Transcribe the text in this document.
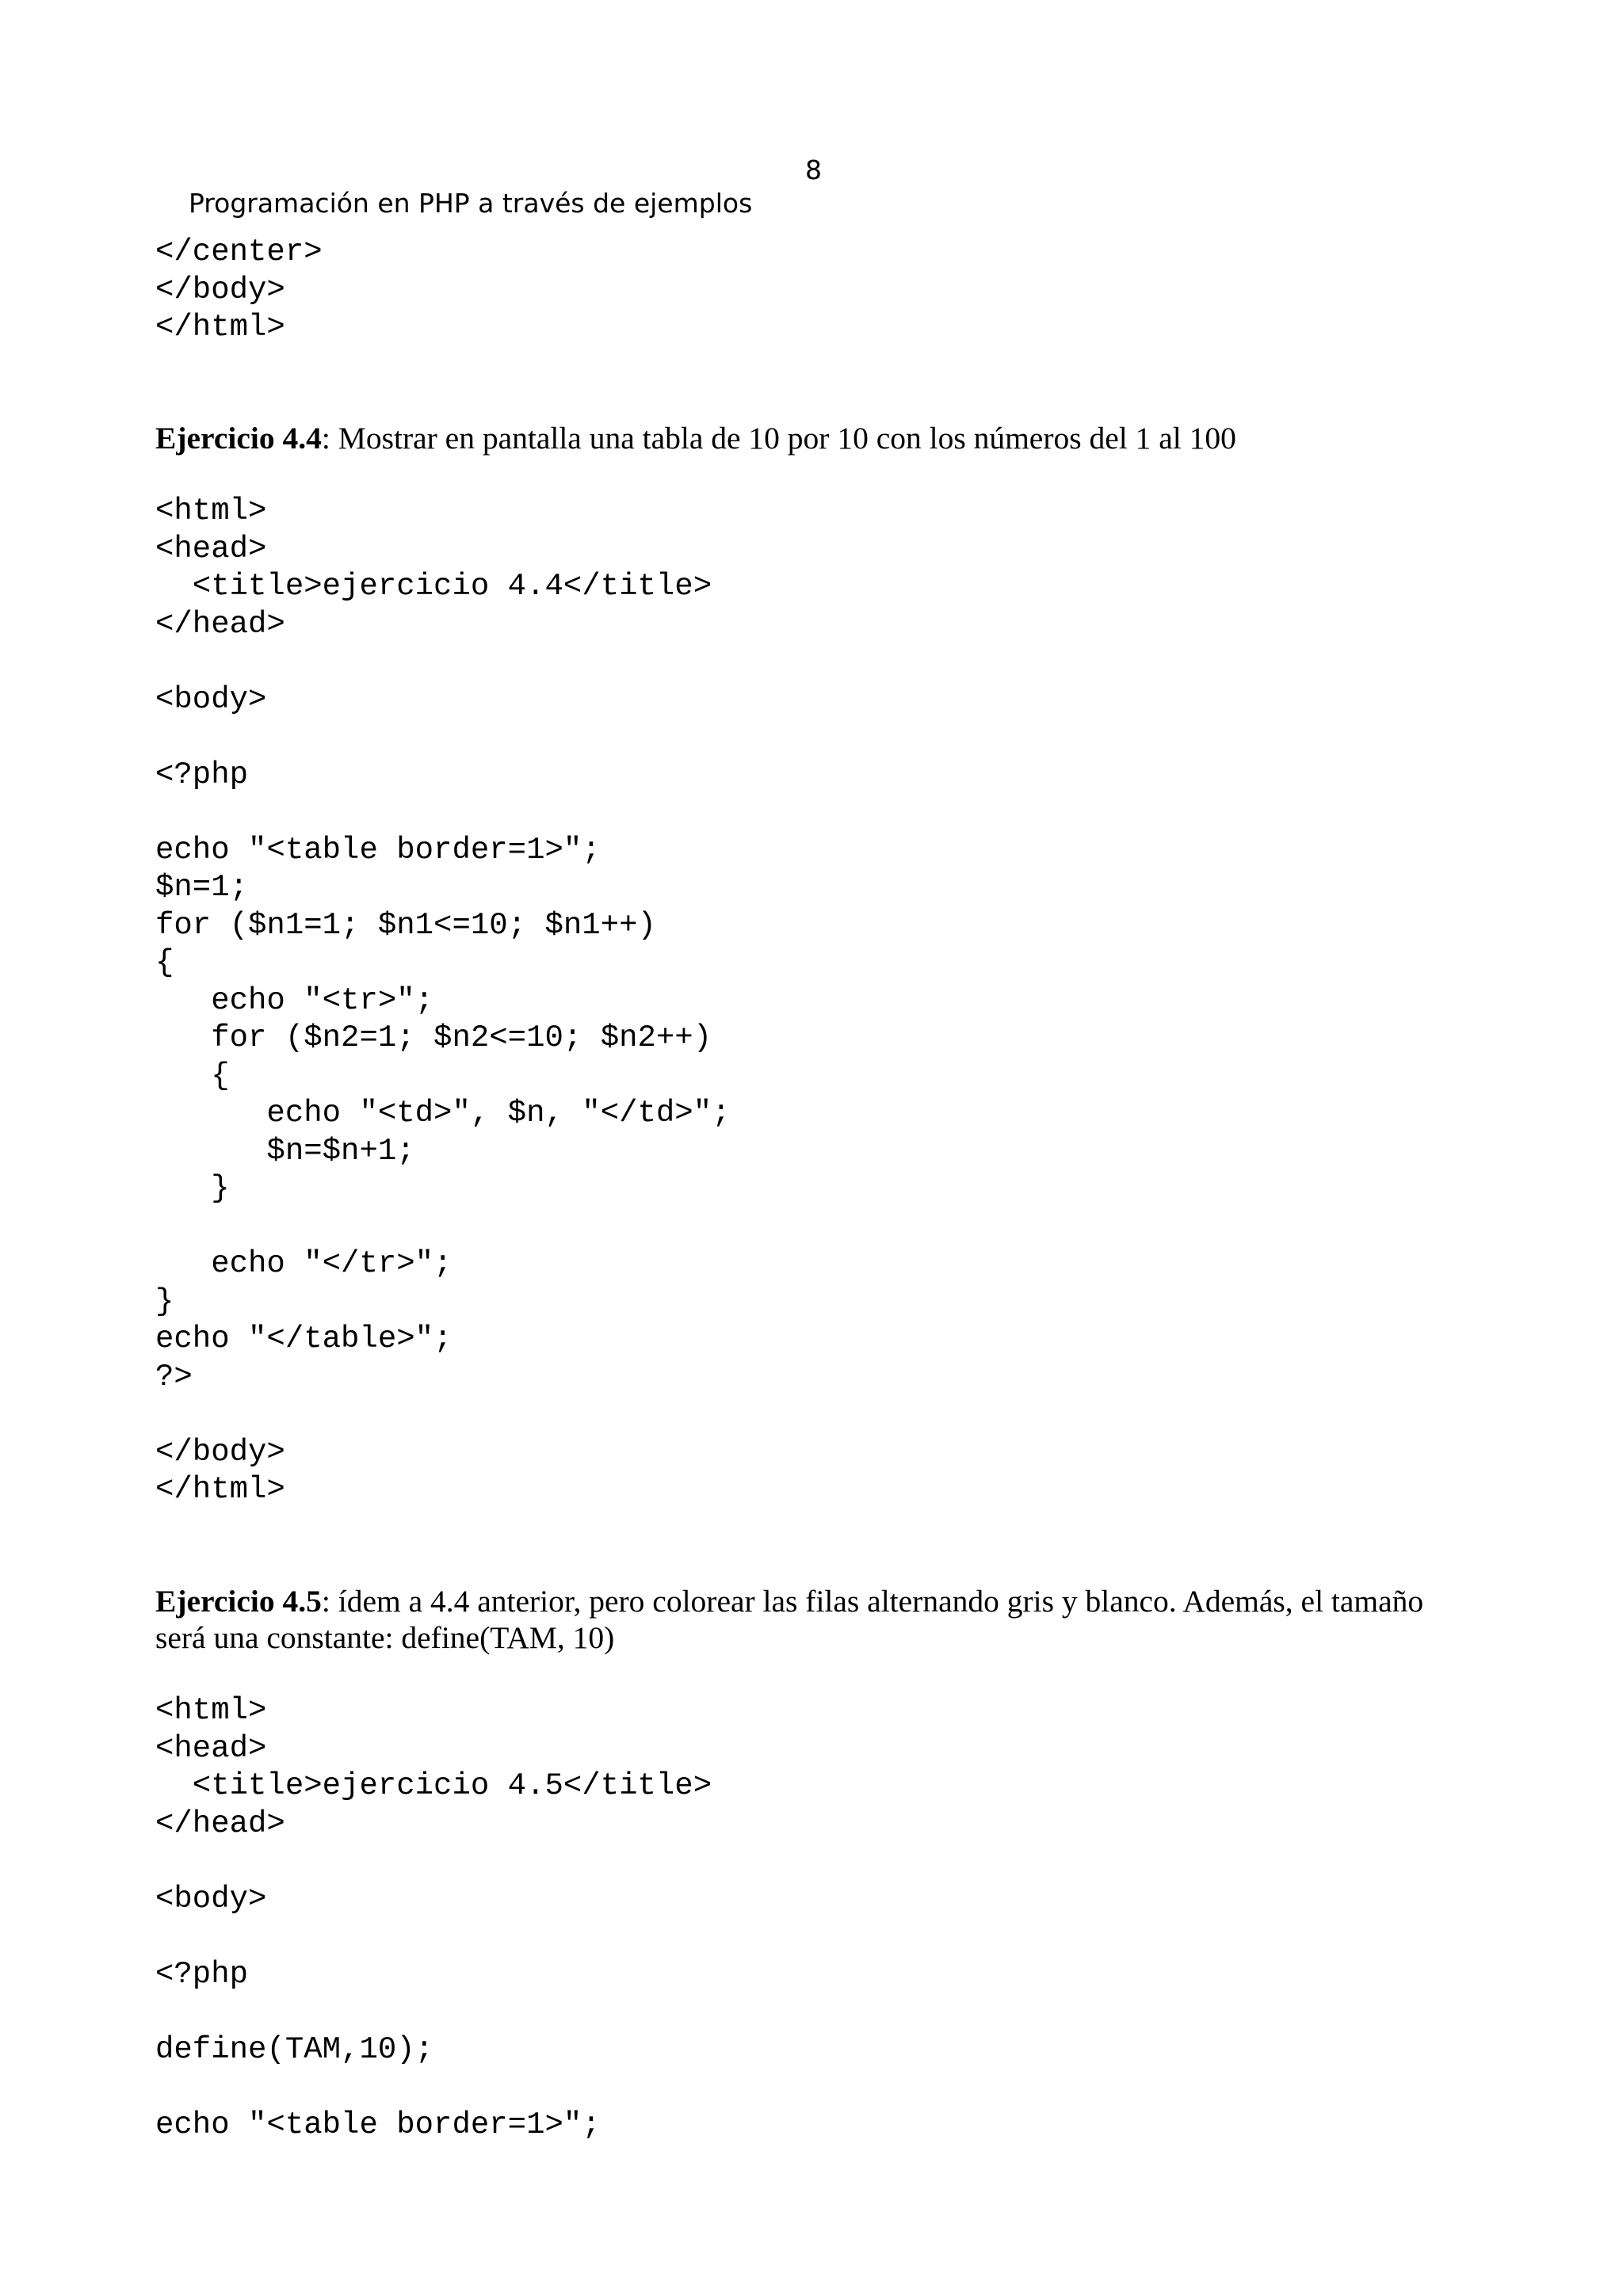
Programación en PHP a través de ejemplos

8

</center>
</body>
</html>

Ejercicio 4.4: Mostrar en pantalla una tabla de 10 por 10 con los números del 1 al 100

<html>
<head>
<title>ejercicio 4.4</title>
</head>

<body>

<?php

echo "<table border=1>";
$n=1;
for ($n1=1; $n1<=10; $n1++)
{
echo "<tr>";
for ($n2=1; $n2<=10; $n2++)
{
echo "<td>", $n, "</td>";
$n=$n+1;
}

echo "</tr>";
}
echo "</table>";
?>

</body>
</html>

Ejercicio 4.5: ídem a 4.4 anterior, pero colorear las filas alternando gris y blanco. Además, el tamaño será una constante: define(TAM, 10)

<html>
<head>
<title>ejercicio 4.5</title>
</head>

<body>

<?php

define(TAM,10);

echo "<table border=1>";
